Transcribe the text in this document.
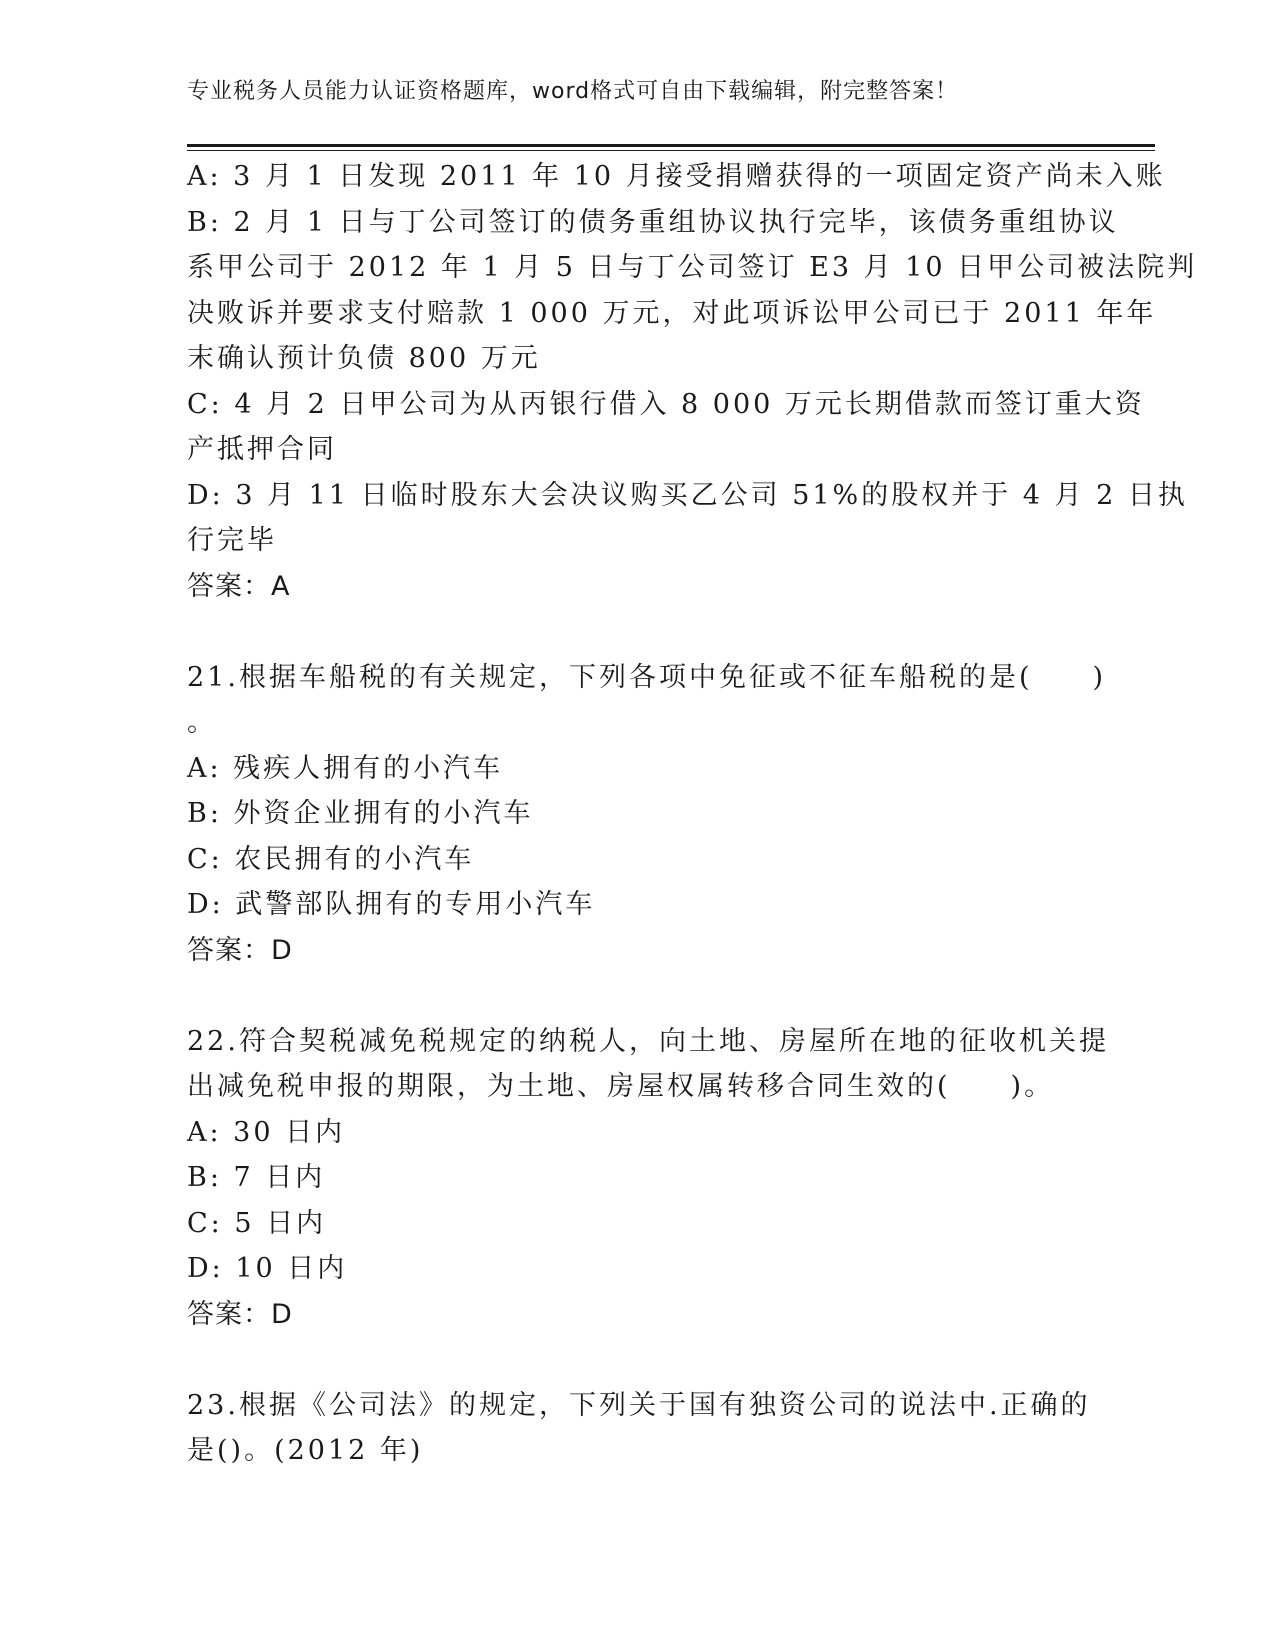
专业税务人员能力认证资格题库，word格式可自由下载编辑，附完整答案！
A: 3 月 1 日发现 2011 年 10 月接受捐赠获得的一项固定资产尚未入账
B: 2 月 1 日与丁公司签订的债务重组协议执行完毕，该债务重组协议
系甲公司于 2012 年 1 月 5 日与丁公司签订 E3 月 10 日甲公司被法院判
决败诉并要求支付赔款 1 000 万元，对此项诉讼甲公司已于 2011 年年
末确认预计负债 800 万元
C: 4 月 2 日甲公司为从丙银行借入 8 000 万元长期借款而签订重大资
产抵押合同
D: 3 月 11 日临时股东大会决议购买乙公司 51%的股权并于 4 月 2 日执
行完毕
答案：A
21.根据车船税的有关规定，下列各项中免征或不征车船税的是(　　)
。
A: 残疾人拥有的小汽车
B: 外资企业拥有的小汽车
C: 农民拥有的小汽车
D: 武警部队拥有的专用小汽车
答案：D
22.符合契税减免税规定的纳税人，向土地、房屋所在地的征收机关提
出减免税申报的期限，为土地、房屋权属转移合同生效的(　　)。
A: 30 日内
B: 7 日内
C: 5 日内
D: 10 日内
答案：D
23.根据《公司法》的规定，下列关于国有独资公司的说法中.正确的
是()。(2012 年)
